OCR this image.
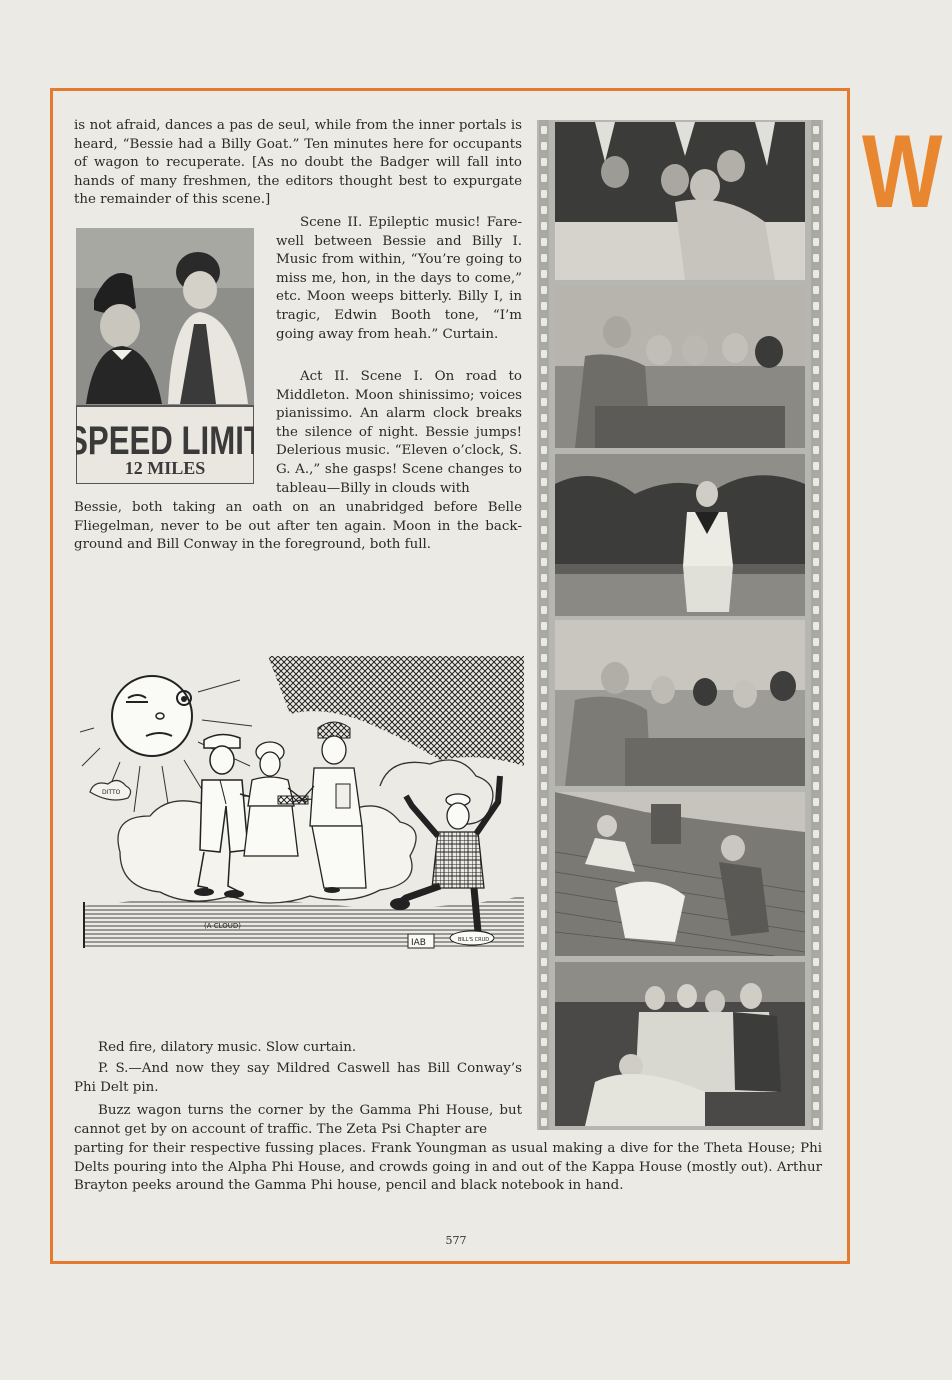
W

is not afraid, dances a pas de seul, while from the inner portals is heard, “Bessie had a Billy Goat.” Ten minutes here for occupants of wagon to recuperate. [As no doubt the Badger will fall into hands of many freshmen, the editors thought best to expurgate the remainder of this scene.]

SPEED LIMIT
12 MILES

Scene II. Epileptic music! Farewell between Bessie and Billy I. Music from within, “You’re going to miss me, hon, in the days to come,” etc. Moon weeps bitterly. Billy I, in tragic, Edwin Booth tone, “I’m going away from heah.” Curtain.

Act II. Scene I. On road to Middleton. Moon shinissimo; voices pianissimo. An alarm clock breaks the silence of night. Bessie jumps! Delerious music. “Eleven o’clock, S. G. A.,” she gasps! Scene changes to tableau—Billy in clouds with

Bessie, both taking an oath on an unabridged before Belle Fliegelman, never to be out after ten again. Moon in the background and Bill Conway in the foreground, both full.

DITTO
(A CLOUD)
BILL'S CRUD
IAB

Red fire, dilatory music. Slow curtain.

P. S.—And now they say Mildred Caswell has Bill Conway’s Phi Delt pin.

Buzz wagon turns the corner by the Gamma Phi House, but cannot get by on account of traffic. The Zeta Psi Chapter are

parting for their respective fussing places. Frank Youngman as usual making a dive for the Theta House; Phi Delts pouring into the Alpha Phi House, and crowds going in and out of the Kappa House (mostly out). Arthur Brayton peeks around the Gamma Phi house, pencil and black notebook in hand.

577
